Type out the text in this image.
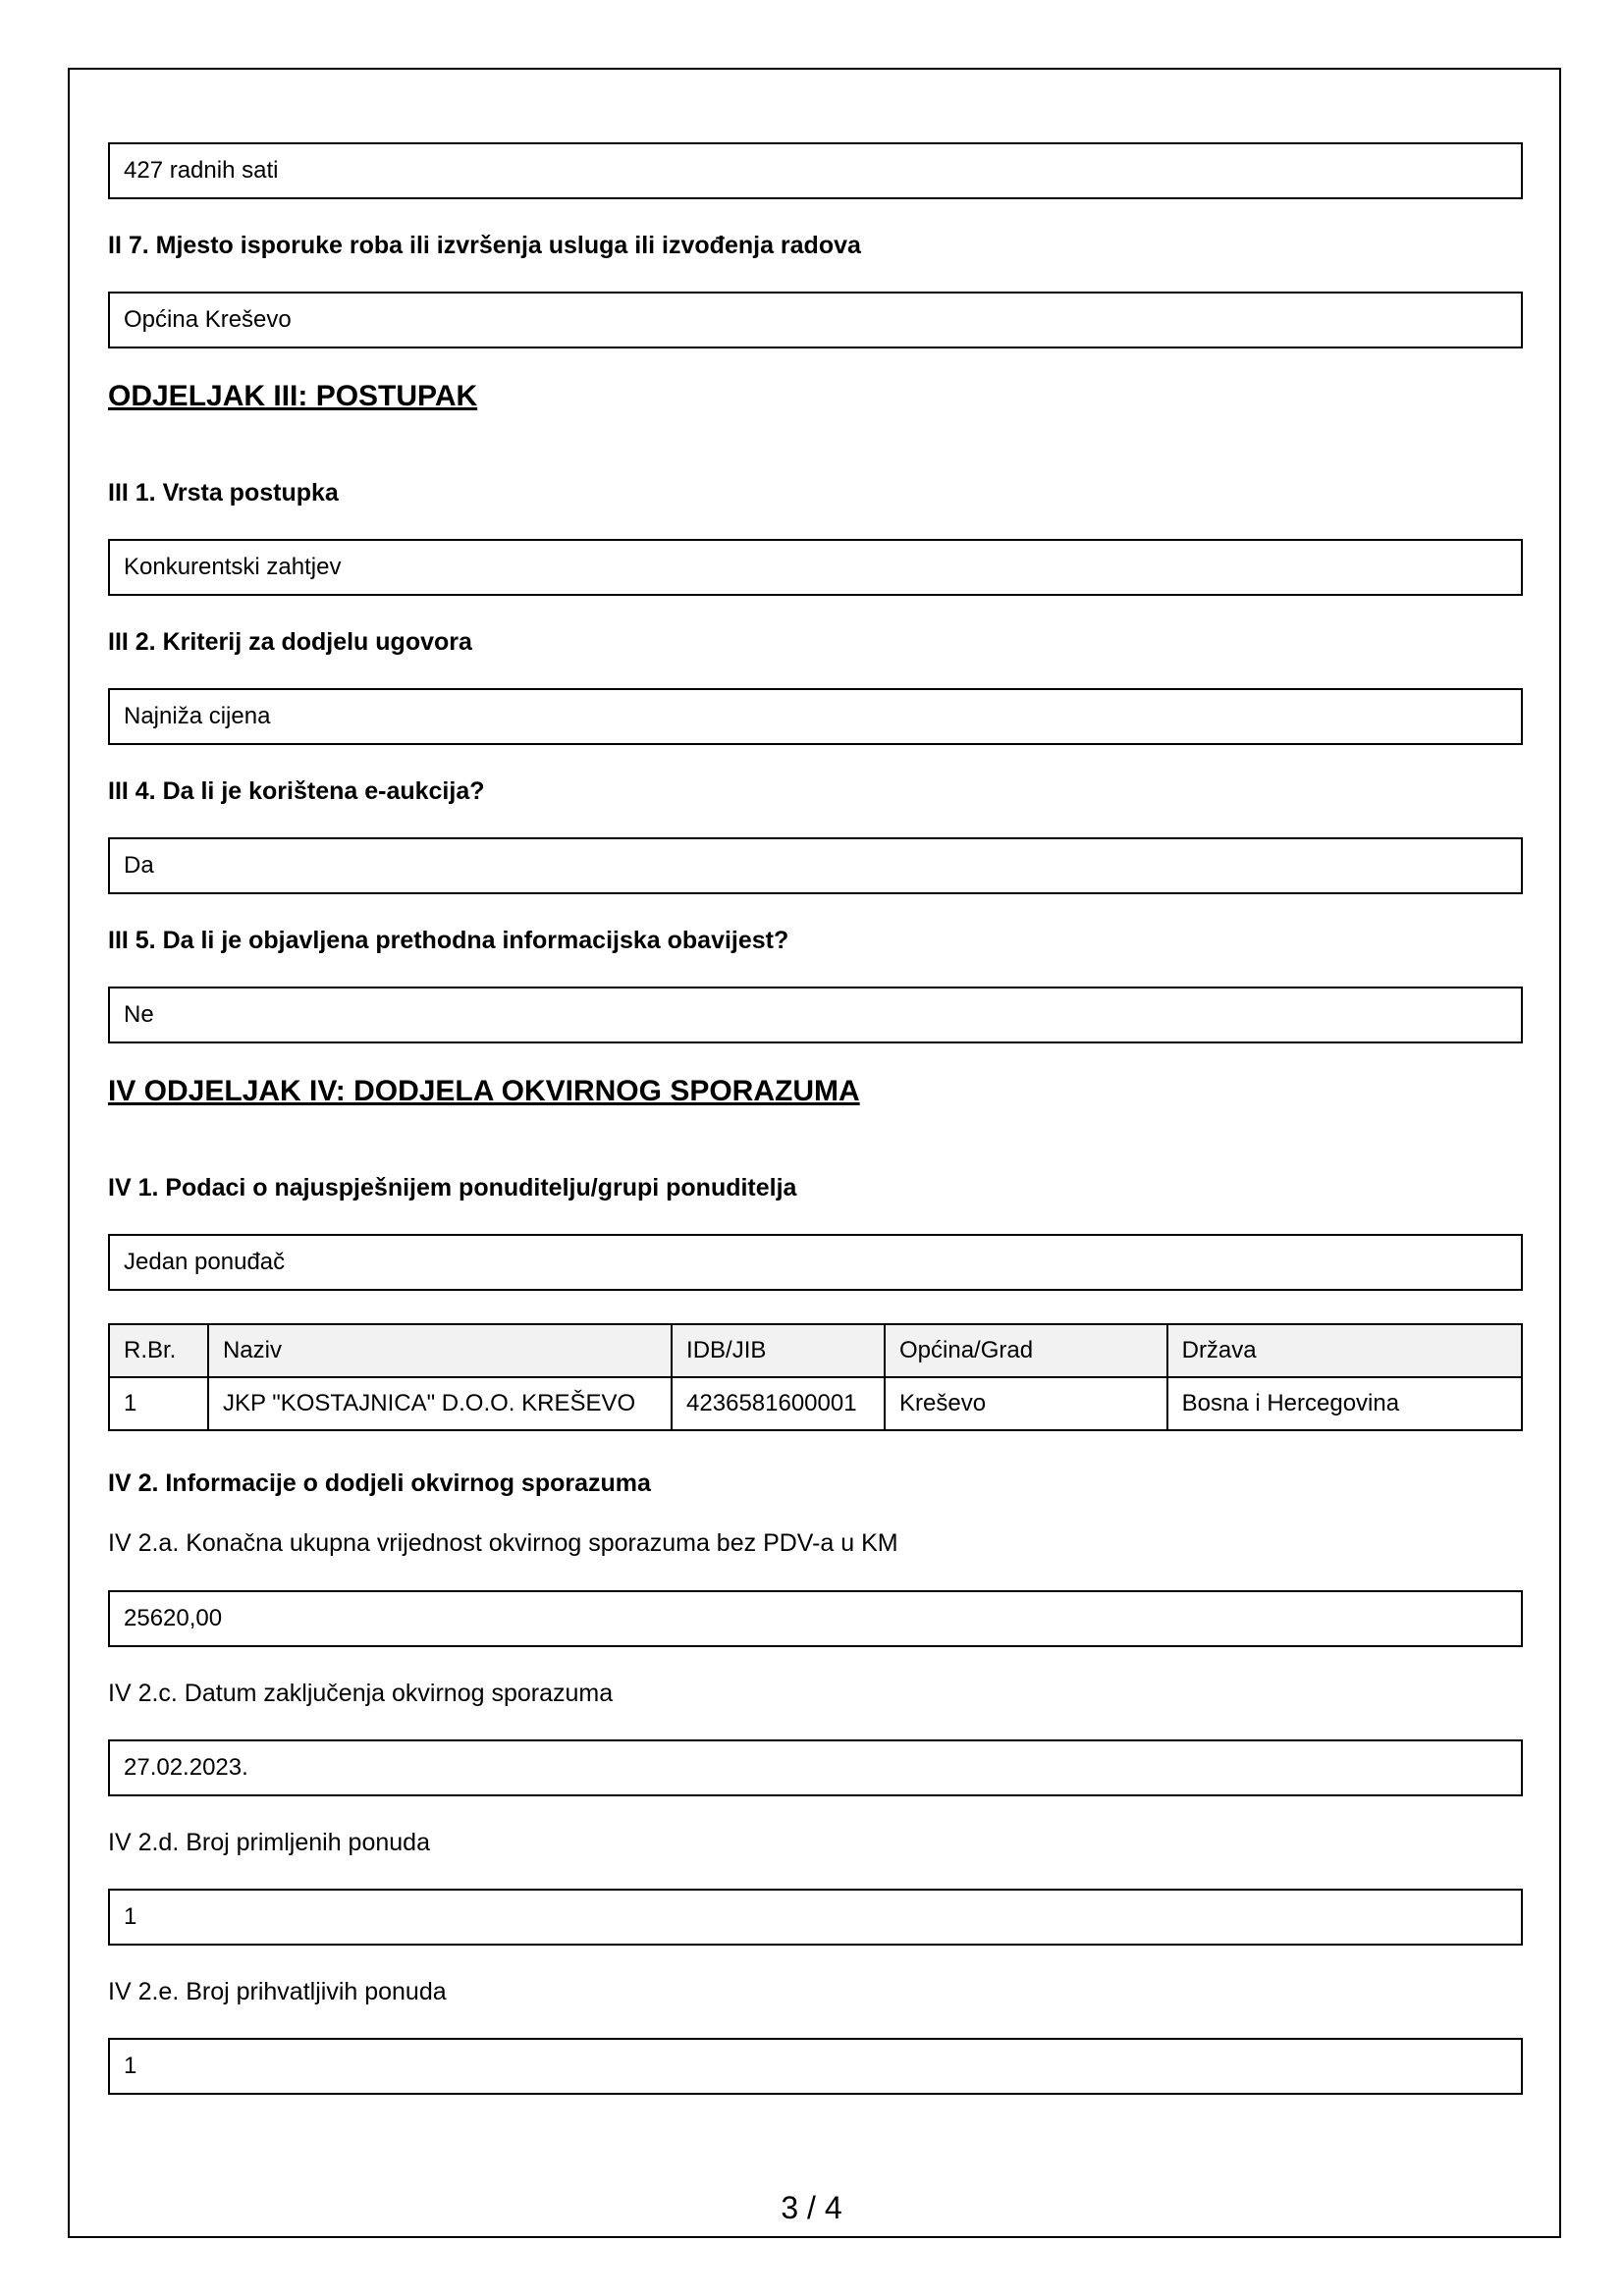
427 radnih sati
II 7. Mjesto isporuke roba ili izvršenja usluga ili izvođenja radova
Općina Kreševo
ODJELJAK III: POSTUPAK
III 1. Vrsta postupka
Konkurentski zahtjev
III 2. Kriterij za dodjelu ugovora
Najniža cijena
III 4. Da li je korištena e-aukcija?
Da
III 5. Da li je objavljena prethodna informacijska obavijest?
Ne
IV ODJELJAK IV: DODJELA OKVIRNOG SPORAZUMA
IV 1. Podaci o najuspješnijem ponuditelju/grupi ponuditelja
Jedan ponuđač
R.Br.	Naziv	IDB/JIB	Općina/Grad	Država
1	JKP "KOSTAJNICA" D.O.O. KREŠEVO	4236581600001	Kreševo	Bosna i Hercegovina
IV 2. Informacije o dodjeli okvirnog sporazuma
IV 2.a. Konačna ukupna vrijednost okvirnog sporazuma bez PDV-a u KM
25620,00
IV 2.c. Datum zaključenja okvirnog sporazuma
27.02.2023.
IV 2.d. Broj primljenih ponuda
1
IV 2.e. Broj prihvatljivih ponuda
1
3 / 4
